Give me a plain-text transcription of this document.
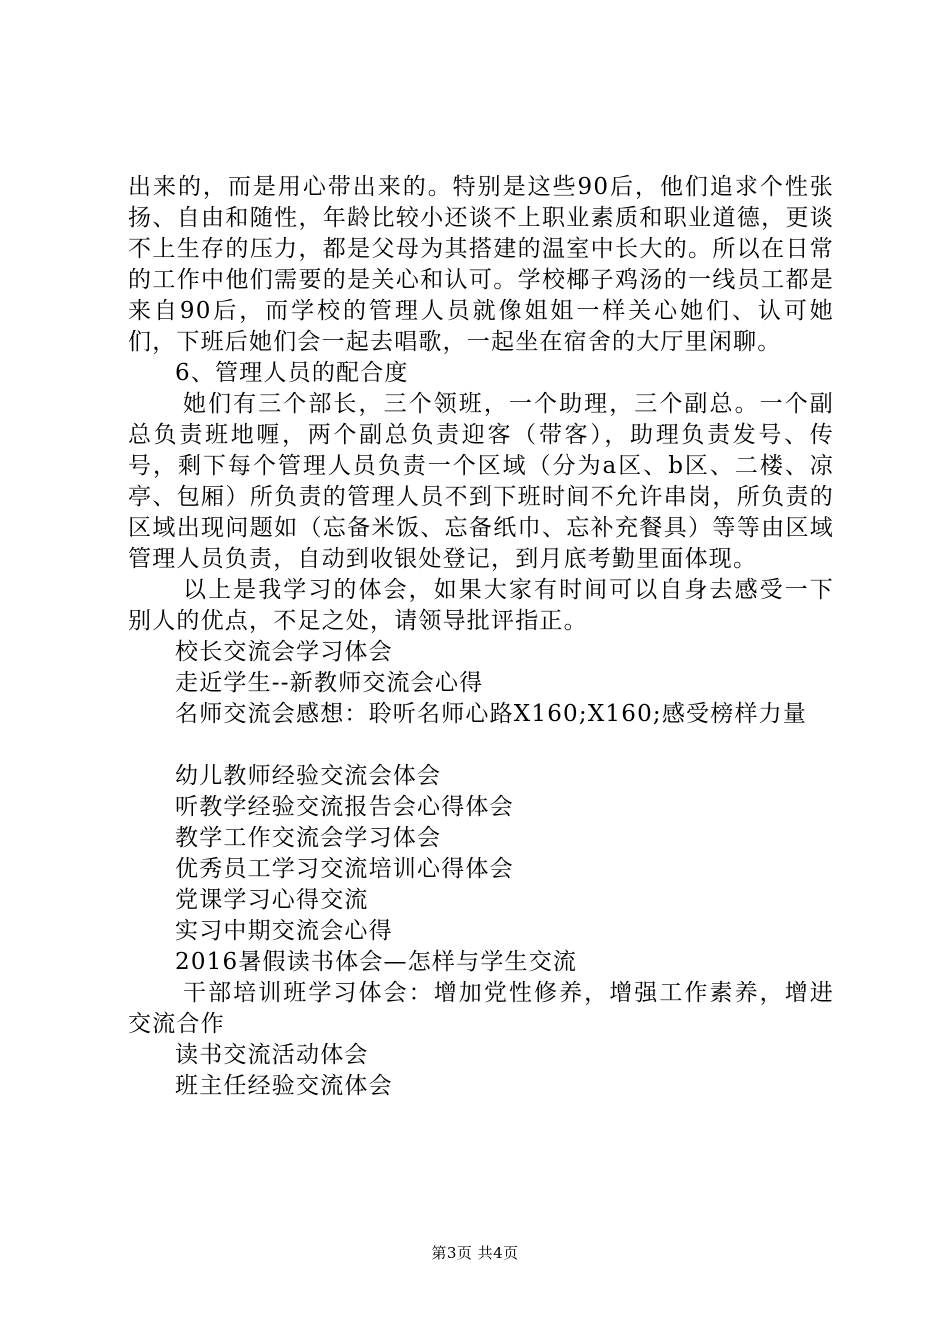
出来的，而是用心带出来的。特别是这些90后，他们追求个性张扬、自由和随性，年龄比较小还谈不上职业素质和职业道德，更谈不上生存的压力，都是父母为其搭建的温室中长大的。所以在日常的工作中他们需要的是关心和认可。学校椰子鸡汤的一线员工都是来自90后，而学校的管理人员就像姐姐一样关心她们、认可她们，下班后她们会一起去唱歌，一起坐在宿舍的大厅里闲聊。

6、管理人员的配合度

她们有三个部长，三个领班，一个助理，三个副总。一个副总负责班地喱，两个副总负责迎客（带客），助理负责发号、传号，剩下每个管理人员负责一个区域（分为a区、b区、二楼、凉亭、包厢）所负责的管理人员不到下班时间不允许串岗，所负责的区域出现问题如（忘备米饭、忘备纸巾、忘补充餐具）等等由区域管理人员负责，自动到收银处登记，到月底考勤里面体现。

以上是我学习的体会，如果大家有时间可以自身去感受一下别人的优点，不足之处，请领导批评指正。

校长交流会学习体会

走近学生--新教师交流会心得

名师交流会感想：聆听名师心路X160;X160;感受榜样力量

幼儿教师经验交流会体会

听教学经验交流报告会心得体会

教学工作交流会学习体会

优秀员工学习交流培训心得体会

党课学习心得交流

实习中期交流会心得

2016暑假读书体会—怎样与学生交流

干部培训班学习体会：增加党性修养，增强工作素养，增进交流合作

读书交流活动体会

班主任经验交流体会

第3页 共4页
